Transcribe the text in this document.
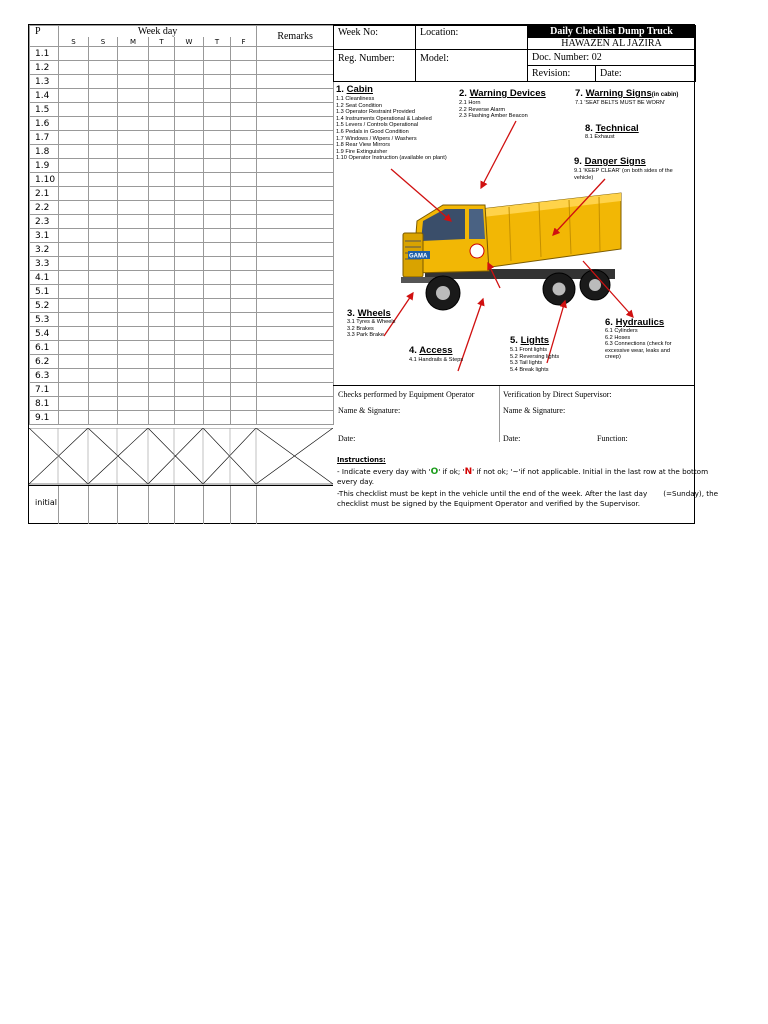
P	Week day							Remarks
	S	S	M	T	W	T	F	
1.1								
1.2								
1.3								
1.4								
1.5								
1.6								
1.7								
1.8								
1.9								
1.10								
2.1								
2.2								
2.3								
3.1								
3.2								
3.3								
4.1								
5.1								
5.2								
5.3								
5.4								
6.1								
6.2								
6.3								
7.1								
8.1								
9.1								
initial
Week No:	Location:	Daily Checklist Dump Truck	
		HAWAZEN AL JAZIRA	
Reg. Number:	Model:	Doc. Number: 02	
		Revision:	Date:
1. Cabin
1.1 Cleanliness
1.2 Seat Condition
1.3 Operator Restraint Provided
1.4 Instruments Operational & Labeled
1.5 Levers / Controls Operational
1.6 Pedals in Good Condition
1.7 Windows / Wipers / Washers
1.8 Rear View Mirrors
1.9 Fire Extinguisher
1.10 Operator Instruction (available on plant)
2. Warning Devices
2.1 Horn
2.2 Reverse Alarm
2.3 Flashing Amber Beacon
7. Warning Signs(in cabin)
7.1 'SEAT BELTS MUST BE WORN'
8. Technical
8.1 Exhaust
9. Danger Signs
9.1 'KEEP CLEAR' (on both sides of the
vehicle)
GAMA
3. Wheels
3.1 Tyres & Wheels
3.2 Brakes
3.3 Park Brake
4. Access
4.1 Handrails & Steps
5. Lights
5.1 Front lights
5.2 Reversing lights
5.3 Tail lights
5.4 Break lights
6. Hydraulics
6.1 Cylinders
6.2 Hoses
6.3 Connections (check for
excessive wear, leaks and
creep)
Checks performed by Equipment Operator	Verification by Direct Supervisor:
Name & Signature:	Name & Signature:
Date:	Date:	Function:
Instructions:
- Indicate every day with 'O' if ok; 'N' if not ok; '~'if not applicable. Initial in the last row at the bottom
every day.
-This checklist must be kept in the vehicle until the end of the week. After the last day       (=Sunday), the
checklist must be signed by the Equipment Operator and verified by the Supervisor.
